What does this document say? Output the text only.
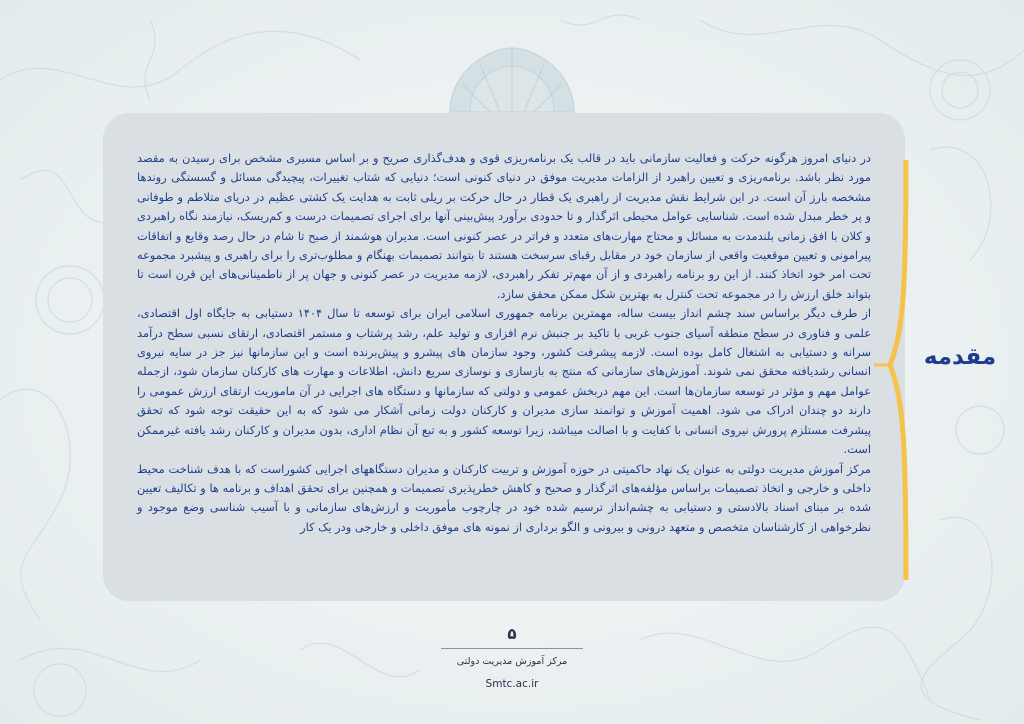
در دنیای امروز هرگونه حرکت و فعالیت سازمانی باید در قالب یک برنامه‌ریزی قوی و هدف‌گذاری صریح و بر اساس مسیری مشخص برای رسیدن به مقصد مورد نظر باشد. برنامه‌ریزی و تعیین راهبرد از الزامات مدیریت موفق در دنیای کنونی است؛ دنیایی که شتاب تغییرات، پیچیدگی مسائل و گسستگی روندها مشخصه بارز آن است. در این شرایط نقش مدیریت از راهبری یک قطار در حال حرکت بر ریلی ثابت به هدایت یک کشتی عظیم در دریای متلاطم و طوفانی و پر خطر مبدل شده است. شناسایی عوامل محیطی اثرگذار و تا حدودی برآورد پیش‌بینی آنها برای اجرای تصمیمات درست و کم‌ریسک، نیازمند نگاه راهبردی و کلان با افق زمانی بلندمدت به مسائل و محتاج مهارت‌های متعدد و فراتر در عصر کنونی است. مدیران هوشمند از صبح تا شام در حال رصد وقایع و اتفاقات پیرامونی و تعیین موقعیت واقعی از سازمان خود در مقابل رقبای سرسخت هستند تا بتوانند تصمیمات بهنگام و مطلوب‌تری را برای راهبری و پیشبرد مجموعه تحت امر خود اتخاذ کنند. از این رو برنامه راهبردی و از آن مهم‌تر تفکر راهبردی، لازمه مدیریت در عصر کنونی و جهان پر از ناطمینانی‌های این قرن است تا بتواند خلق ارزش را در مجموعه تحت کنترل به بهترین شکل ممکن محقق سازد.

از طرف دیگر براساس سند چشم انداز بیست ساله، مهمترین برنامه جمهوری اسلامی ایران برای توسعه تا سال ۱۴۰۴ دستیابی به جایگاه اول اقتصادی، علمی و فناوری در سطح منطقه آسیای جنوب غربی با تاکید بر جنبش نرم افزاری و تولید علم، رشد پرشتاب و مستمر اقتصادی، ارتقای نسبی سطح درآمد سرانه و دستیابی به اشتغال کامل بوده است. لازمه پیشرفت کشور، وجود سازمان های پیشرو و پیش‌برنده است و این سازمانها نیز جز در سایه نیروی انسانی رشدیافته محقق نمی شوند. آموزش‌های سازمانی که منتج به بازسازی و نوسازی سریع دانش، اطلاعات و مهارت های کارکنان سازمان شود، ازجمله عوامل مهم و مؤثر در توسعه سازمان‌ها است. این مهم دربخش عمومی و دولتی که سازمانها و دستگاه های اجرایی در آن ماموریت ارتقای ارزش عمومی را دارند دو چندان ادراک می شود. اهمیت آموزش و توانمند سازی مدیران و کارکنان دولت زمانی آشکار می شود که به این حقیقت توجه شود که تحقق پیشرفت مستلزم پرورش نیروی انسانی با کفایت و با اصالت میباشد، زیرا توسعه کشور و به تبع آن نظام اداری، بدون مدیران و کارکنان رشد یافته غیرممکن است.

مرکز آموزش مدیریت دولتی به عنوان یک نهاد حاکمیتی در حوزه آموزش و تربیت کارکنان و مدیران دستگاههای اجرایی کشوراست که با هدف شناخت محیط داخلی و خارجی و اتخاذ تصمیمات براساس مؤلفه‌های اثرگذار و صحیح و کاهش خطرپذیری تصمیمات و همچنین برای تحقق اهداف و برنامه ها و تکالیف تعیین شده بر مبنای اسناد بالادستی و دستیابی به چشم‌انداز ترسیم شده خود در چارچوب مأموریت و ارزش‌های سازمانی و با آسیب شناسی وضع موجود و نظرخواهی از کارشناسان متخصص و متعهد درونی و بیرونی و الگو برداری از نمونه های موفق داخلی و خارجی ودر یک کار

مقدمه
۵
مرکز آموزش مدیریت دولتی
Smtc.ac.ir
